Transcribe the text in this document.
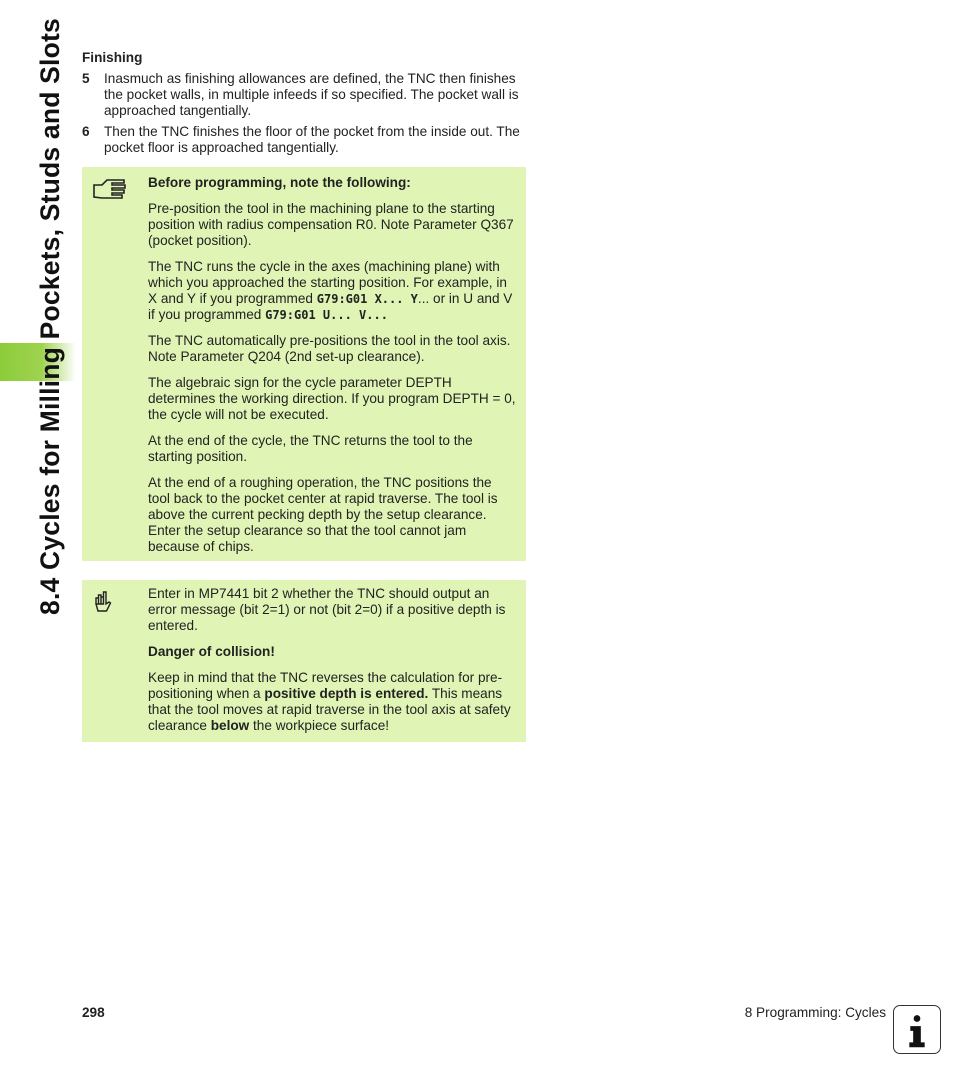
8.4 Cycles for Milling Pockets, Studs and Slots	Finishing
5	Inasmuch as finishing allowances are defined, the TNC then finishes the pocket walls, in multiple infeeds if so specified. The pocket wall is approached tangentially.
6	Then the TNC finishes the floor of the pocket from the inside out. The pocket floor is approached tangentially.

Before programming, note the following:

Pre-position the tool in the machining plane to the starting position with radius compensation R0. Note Parameter Q367 (pocket position).

The TNC runs the cycle in the axes (machining plane) with which you approached the starting position. For example, in X and Y if you programmed G79:G01 X... Y... or in U and V if you programmed G79:G01 U... V...

The TNC automatically pre-positions the tool in the tool axis. Note Parameter Q204 (2nd set-up clearance).

The algebraic sign for the cycle parameter DEPTH determines the working direction. If you program DEPTH = 0, the cycle will not be executed.

At the end of the cycle, the TNC returns the tool to the starting position.

At the end of a roughing operation, the TNC positions the tool back to the pocket center at rapid traverse. The tool is above the current pecking depth by the setup clearance. Enter the setup clearance so that the tool cannot jam because of chips.

Enter in MP7441 bit 2 whether the TNC should output an error message (bit 2=1) or not (bit 2=0) if a positive depth is entered.

Danger of collision!

Keep in mind that the TNC reverses the calculation for pre-positioning when a positive depth is entered. This means that the tool moves at rapid traverse in the tool axis at safety clearance below the workpiece surface!

298	8 Programming: Cycles
